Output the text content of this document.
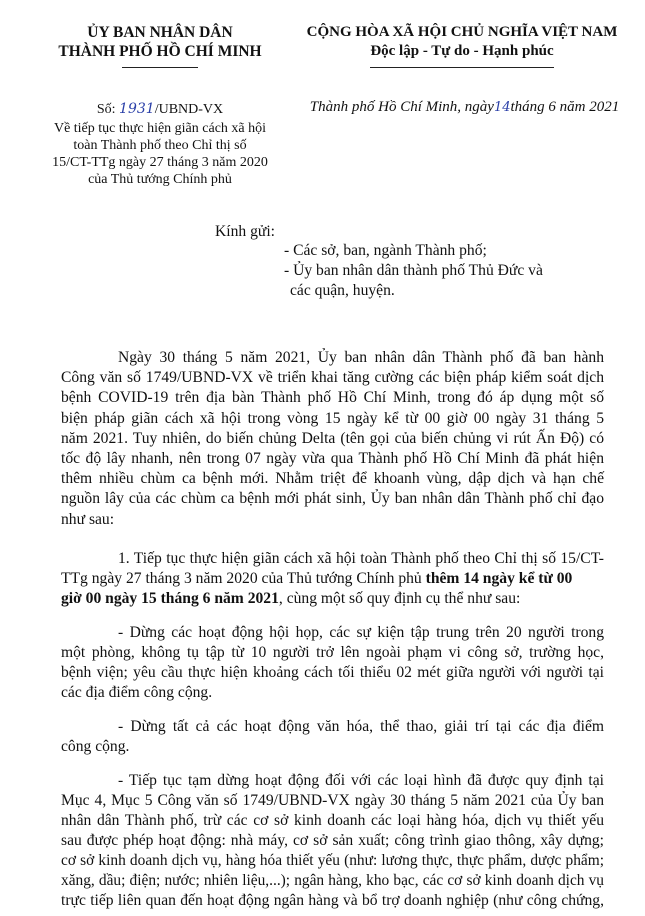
ỦY BAN NHÂN DÂN
THÀNH PHỐ HỒ CHÍ MINH
Số: 1931/UBND-VX
Về tiếp tục thực hiện giãn cách xã hội
toàn Thành phố theo Chỉ thị số
15/CT-TTg ngày 27 tháng 3 năm 2020
của Thủ tướng Chính phủ
CỘNG HÒA XÃ HỘI CHỦ NGHĨA VIỆT NAM
Độc lập - Tự do - Hạnh phúc
Thành phố Hồ Chí Minh, ngày14tháng 6 năm 2021
Kính gửi:
- Các sở, ban, ngành Thành phố;
- Ủy ban nhân dân thành phố Thủ Đức và
các quận, huyện.
Ngày 30 tháng 5 năm 2021, Ủy ban nhân dân Thành phố đã ban hành
Công văn số 1749/UBND-VX về triển khai tăng cường các biện pháp kiểm soát dịch
bệnh COVID-19 trên địa bàn Thành phố Hồ Chí Minh, trong đó áp dụng một số
biện pháp giãn cách xã hội trong vòng 15 ngày kể từ 00 giờ 00 ngày 31 tháng 5
năm 2021. Tuy nhiên, do biến chủng Delta (tên gọi của biến chủng vi rút Ấn Độ) có
tốc độ lây nhanh, nên trong 07 ngày vừa qua Thành phố Hồ Chí Minh đã phát hiện
thêm nhiều chùm ca bệnh mới. Nhằm triệt để khoanh vùng, dập dịch và hạn chế
nguồn lây của các chùm ca bệnh mới phát sinh, Ủy ban nhân dân Thành phố chỉ đạo
như sau:
1. Tiếp tục thực hiện giãn cách xã hội toàn Thành phố theo Chỉ thị số 15/CT-
TTg ngày 27 tháng 3 năm 2020 của Thủ tướng Chính phủ thêm 14 ngày kể từ 00
giờ 00 ngày 15 tháng 6 năm 2021, cùng một số quy định cụ thể như sau:
- Dừng các hoạt động hội họp, các sự kiện tập trung trên 20 người trong
một phòng, không tụ tập từ 10 người trở lên ngoài phạm vi công sở, trường học,
bệnh viện; yêu cầu thực hiện khoảng cách tối thiểu 02 mét giữa người với người tại
các địa điểm công cộng.
- Dừng tất cả các hoạt động văn hóa, thể thao, giải trí tại các địa điểm
công cộng.
- Tiếp tục tạm dừng hoạt động đối với các loại hình đã được quy định tại
Mục 4, Mục 5 Công văn số 1749/UBND-VX ngày 30 tháng 5 năm 2021 của Ủy ban
nhân dân Thành phố, trừ các cơ sở kinh doanh các loại hàng hóa, dịch vụ thiết yếu
sau được phép hoạt động: nhà máy, cơ sở sản xuất; công trình giao thông, xây dựng;
cơ sở kinh doanh dịch vụ, hàng hóa thiết yếu (như: lương thực, thực phẩm, dược phẩm;
xăng, dầu; điện; nước; nhiên liệu,...); ngân hàng, kho bạc, các cơ sở kinh doanh dịch vụ
trực tiếp liên quan đến hoạt động ngân hàng và bổ trợ doanh nghiệp (như công chứng,
